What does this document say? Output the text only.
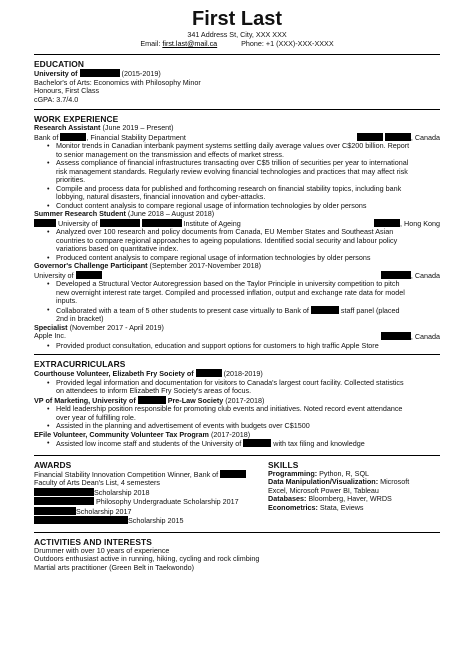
First Last
341 Address St, City, XXX XXX
Email: first.last@mail.ca	Phone: +1 (XXX)-XXX-XXXX
EDUCATION
University of	(2015-2019)
Bachelor's of Arts: Economics with Philosophy Minor
Honours, First Class
cGPA: 3.7/4.0
WORK EXPERIENCE
Research Assistant (June 2019 – Present)
Bank of	, Financial Stability Department	, Canada
• Monitor trends in Canadian interbank payment systems settling daily average values over C$200 billion. Report
to senior management on the transmission and effects of market stress.
• Assess compliance of financial infrastructures transacting over C$5 trillion of securities per year to international
risk management standards. Regularly review evolving financial technologies and practices that may affect risk
priorities.
• Compile and process data for published and forthcoming research on financial stability topics, including bank
lobbying, natural disasters, financial innovation and cyber-attacks.
• Conduct content analysis to compare regional usage of information technologies by older persons
Summer Research Student (June 2018 – August 2018)
University of	Institute of Ageing	, Hong Kong
• Analyzed over 100 research and policy documents from Canada, EU Member States and Southeast Asian
countries to compare regional approaches to ageing populations. Identified social security and labour policy
variations based on quantitative index.
• Produced content analysis to compare regional usage of information technologies by older persons
Governor's Challenge Participant (September 2017-November 2018)
University of	, Canada
• Developed a Structural Vector Autoregression based on the Taylor Principle in university competition to pitch
new overnight interest rate target. Compiled and processed inflation, output and exchange rate data for model
inputs.
• Collaborated with a team of 5 other students to present case virtually to Bank of	staff panel (placed
2nd in bracket)
Specialist (November 2017 - April 2019)
Apple Inc.	, Canada
• Provided product consultation, education and support options for customers to high traffic Apple Store
EXTRACURRICULARS
Courthouse Volunteer, Elizabeth Fry Society of	(2018-2019)
• Provided legal information and documentation for visitors to Canada's largest court facility. Collected statistics
on attendees to inform Elizabeth Fry Society's areas of focus.
VP of Marketing, University of	Pre-Law Society (2017-2018)
• Held leadership position responsible for promoting club events and initiatives. Noted record event attendance
over year of fulfilling role.
• Assisted in the planning and advertisement of events with budgets over C$1500
EFile Volunteer, Community Volunteer Tax Program (2017-2018)
• Assisted low income staff and students of the University of	with tax filing and knowledge
AWARDS
Financial Stability Innovation Competition Winner, Bank of
Faculty of Arts Dean's List, 4 semesters
Scholarship 2018
Philosophy Undergraduate Scholarship 2017
Scholarship 2017
Scholarship 2015
SKILLS
Programming: Python, R, SQL
Data Manipulation/Visualization: Microsoft
Excel, Microsoft Power BI, Tableau
Databases: Bloomberg, Haver, WRDS
Econometrics: Stata, Eviews
ACTIVITIES AND INTERESTS
Drummer with over 10 years of experience
Outdoors enthusiast active in running, hiking, cycling and rock climbing
Martial arts practitioner (Green Belt in Taekwondo)
